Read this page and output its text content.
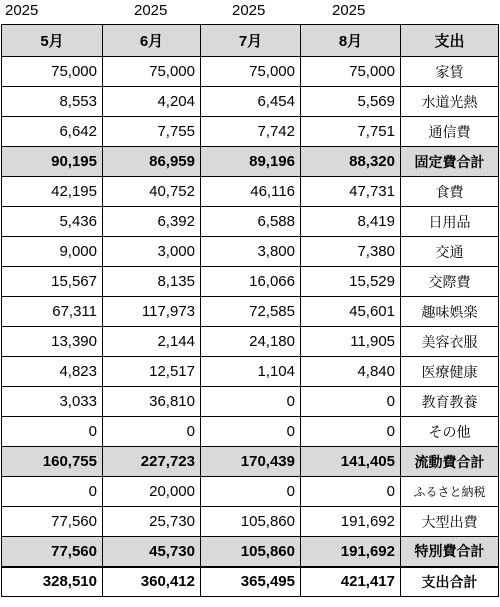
2025	2025	2025	2025
5月	6月	7月	8月	支出
75,000	75,000	75,000	75,000	家賃
8,553	4,204	6,454	5,569	水道光熱
6,642	7,755	7,742	7,751	通信費
90,195	86,959	89,196	88,320	固定費合計
42,195	40,752	46,116	47,731	食費
5,436	6,392	6,588	8,419	日用品
9,000	3,000	3,800	7,380	交通
15,567	8,135	16,066	15,529	交際費
67,311	117,973	72,585	45,601	趣味娯楽
13,390	2,144	24,180	11,905	美容衣服
4,823	12,517	1,104	4,840	医療健康
3,033	36,810	0	0	教育教養
0	0	0	0	その他
160,755	227,723	170,439	141,405	流動費合計
0	20,000	0	0	ふるさと納税
77,560	25,730	105,860	191,692	大型出費
77,560	45,730	105,860	191,692	特別費合計
328,510	360,412	365,495	421,417	支出合計
